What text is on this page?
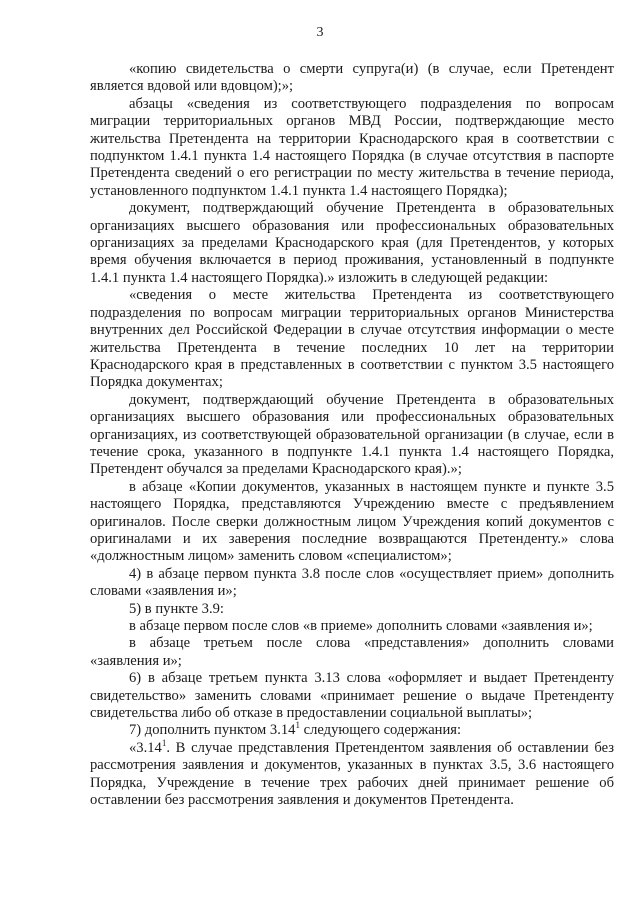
3

«копию свидетельства о смерти супруга(и) (в случае, если Претендент является вдовой или вдовцом);»;

абзацы «сведения из соответствующего подразделения по вопросам миграции территориальных органов МВД России, подтверждающие место жительства Претендента на территории Краснодарского края в соответствии с подпунктом 1.4.1 пункта 1.4 настоящего Порядка (в случае отсутствия в паспорте Претендента сведений о его регистрации по месту жительства в течение периода, установленного подпунктом 1.4.1 пункта 1.4 настоящего Порядка);

документ, подтверждающий обучение Претендента в образовательных организациях высшего образования или профессиональных образовательных организациях за пределами Краснодарского края (для Претендентов, у которых время обучения включается в период проживания, установленный в подпункте 1.4.1 пункта 1.4 настоящего Порядка).» изложить в следующей редакции:

«сведения о месте жительства Претендента из соответствующего подразделения по вопросам миграции территориальных органов Министерства внутренних дел Российской Федерации в случае отсутствия информации о месте жительства Претендента в течение последних 10 лет на территории Краснодарского края в представленных в соответствии с пунктом 3.5 настоящего Порядка документах;

документ, подтверждающий обучение Претендента в образовательных организациях высшего образования или профессиональных образовательных организациях, из соответствующей образовательной организации (в случае, если в течение срока, указанного в подпункте 1.4.1 пункта 1.4 настоящего Порядка, Претендент обучался за пределами Краснодарского края).»;

в абзаце «Копии документов, указанных в настоящем пункте и пункте 3.5 настоящего Порядка, представляются Учреждению вместе с предъявлением оригиналов. После сверки должностным лицом Учреждения копий документов с оригиналами и их заверения последние возвращаются Претенденту.» слова «должностным лицом» заменить словом «специалистом»;

4) в абзаце первом пункта 3.8 после слов «осуществляет прием» дополнить словами «заявления и»;

5) в пункте 3.9:

в абзаце первом после слов «в приеме» дополнить словами «заявления и»;

в абзаце третьем после слова «представления» дополнить словами «заявления и»;

6) в абзаце третьем пункта 3.13 слова «оформляет и выдает Претенденту свидетельство» заменить словами «принимает решение о выдаче Претенденту свидетельства либо об отказе в предоставлении социальной выплаты»;

7) дополнить пунктом 3.14$^1$ следующего содержания:

«3.14$^1$. В случае представления Претендентом заявления об оставлении без рассмотрения заявления и документов, указанных в пунктах 3.5, 3.6 настоящего Порядка, Учреждение в течение трех рабочих дней принимает решение об оставлении без рассмотрения заявления и документов Претендента.
